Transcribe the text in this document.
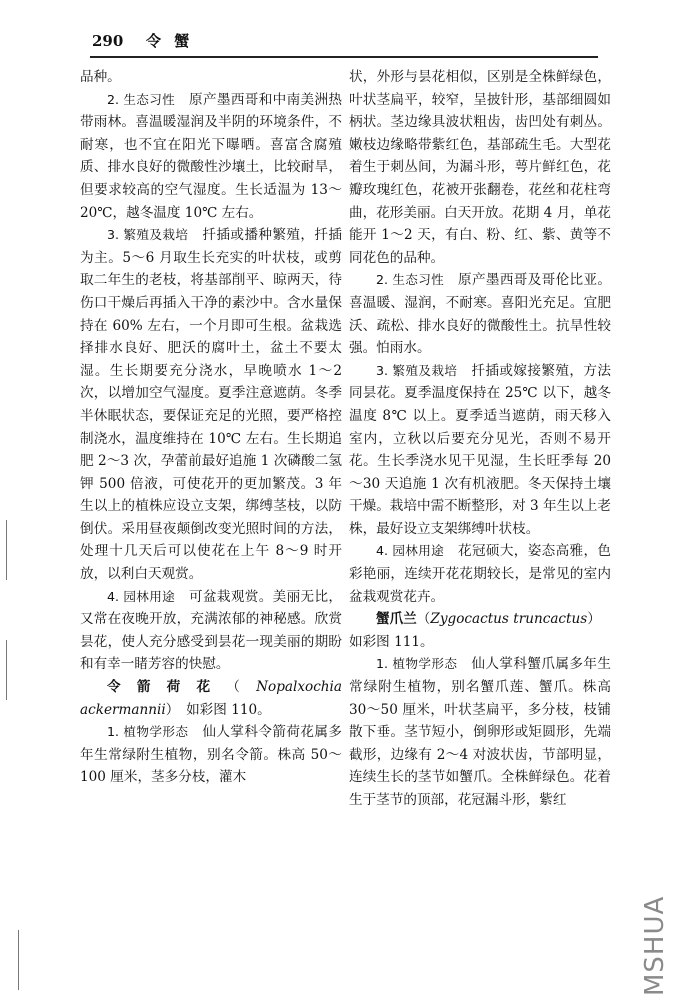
290 令 蟹

品种。

2. 生态习性　原产墨西哥和中南美洲热带雨林。喜温暖湿润及半阴的环境条件，不耐寒，也不宜在阳光下曝晒。喜富含腐殖质、排水良好的微酸性沙壤土，比较耐旱，但要求较高的空气湿度。生长适温为 13～20℃，越冬温度 10℃ 左右。

3. 繁殖及栽培　扦插或播种繁殖，扦插为主。5～6 月取生长充实的叶状枝，或剪取二年生的老枝，将基部削平、晾两天，待伤口干燥后再插入干净的素沙中。含水量保持在 60% 左右，一个月即可生根。盆栽选择排水良好、肥沃的腐叶土，盆土不要太湿。生长期要充分浇水，早晚喷水 1～2 次，以增加空气湿度。夏季注意遮荫。冬季半休眠状态，要保证充足的光照，要严格控制浇水，温度维持在 10℃ 左右。生长期追肥 2～3 次，孕蕾前最好追施 1 次磷酸二氢钾 500 倍液，可使花开的更加繁茂。3 年生以上的植株应设立支架，绑缚茎枝，以防倒伏。采用昼夜颠倒改变光照时间的方法，处理十几天后可以使花在上午 8～9 时开放，以利白天观赏。

4. 园林用途　可盆栽观赏。美丽无比，又常在夜晚开放，充满浓郁的神秘感。欣赏昙花，使人充分感受到昙花一现美丽的期盼和有幸一睹芳容的快慰。

令箭荷花（Nopalxochia ackermannii）　如彩图 110。

1. 植物学形态　仙人掌科令箭荷花属多年生常绿附生植物，别名令箭。株高 50～100 厘米，茎多分枝，灌木

状，外形与昙花相似，区别是全株鲜绿色，叶状茎扁平，较窄，呈披针形，基部细圆如柄状。茎边缘具波状粗齿，齿凹处有刺丛。嫩枝边缘略带紫红色，基部疏生毛。大型花着生于刺丛间，为漏斗形，萼片鲜红色，花瓣玫瑰红色，花被开张翻卷，花丝和花柱弯曲，花形美丽。白天开放。花期 4 月，单花能开 1～2 天，有白、粉、红、紫、黄等不同花色的品种。

2. 生态习性　原产墨西哥及哥伦比亚。喜温暖、湿润，不耐寒。喜阳光充足。宜肥沃、疏松、排水良好的微酸性土。抗旱性较强。怕雨水。

3. 繁殖及栽培　扦插或嫁接繁殖，方法同昙花。夏季温度保持在 25℃ 以下，越冬温度 8℃ 以上。夏季适当遮荫，雨天移入室内，立秋以后要充分见光，否则不易开花。生长季浇水见干见湿，生长旺季每 20～30 天追施 1 次有机液肥。冬天保持土壤干燥。栽培中需不断整形，对 3 年生以上老株，最好设立支架绑缚叶状枝。

4. 园林用途　花冠硕大，姿态高雅，色彩艳丽，连续开花花期较长，是常见的室内盆栽观赏花卉。

蟹爪兰（Zygocactus truncactus）

如彩图 111。

1. 植物学形态　仙人掌科蟹爪属多年生常绿附生植物，别名蟹爪莲、蟹爪。株高 30～50 厘米，叶状茎扁平，多分枝，枝铺散下垂。茎节短小，倒卵形或矩圆形，先端截形，边缘有 2～4 对波状齿，节部明显，连续生长的茎节如蟹爪。全株鲜绿色。花着生于茎节的顶部，花冠漏斗形，紫红

MSHUA
